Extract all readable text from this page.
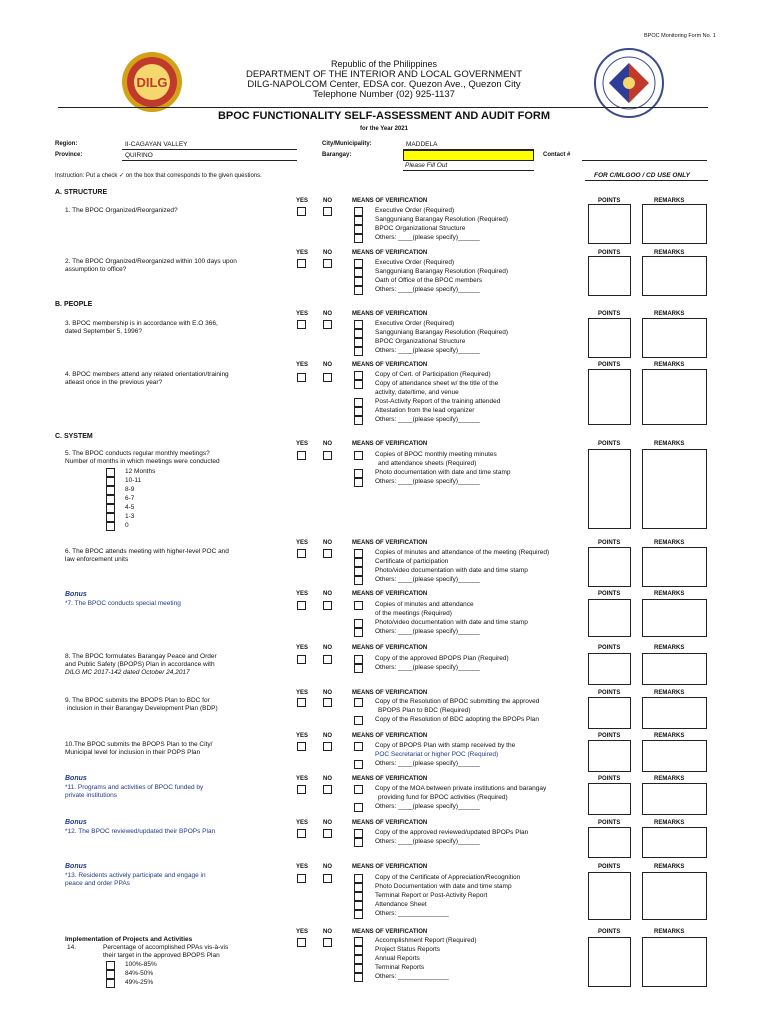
BPOC Monitoring Form No. 1
DILG
Republic of the Philippines
DEPARTMENT OF THE INTERIOR AND LOCAL GOVERNMENT
DILG-NAPOLCOM Center, EDSA cor. Quezon Ave., Quezon City
Telephone Number (02) 925-1137
BPOC FUNCTIONALITY SELF-ASSESSMENT AND AUDIT FORM
for the Year 2021
Region:	II-CAGAYAN VALLEY
Province:	QUIRINO
City/Municipality:	MADDELA
Barangay:
Please Fill Out
Contact #
Instruction: Put a check ✓ on the box that corresponds to the given questions.	FOR C/MLGOO / CD USE ONLY
A. STRUCTURE
YES NO	MEANS OF VERIFICATION	POINTS	REMARKS
1. The BPOC Organized/Reorganized?	Executive Order (Required)
Sangguniang Barangay Resolution (Required)
BPOC Organizational Structure
Others: ____(please specify)______
YES NO	MEANS OF VERIFICATION	POINTS	REMARKS
2. The BPOC Organized/Reorganized within 100 days upon
assumption to office?
Executive Order (Required)
Sangguniang Barangay Resolution (Required)
Oath of Office of the BPOC members
Others: ____(please specify)______
B. PEOPLE
YES NO	MEANS OF VERIFICATION	POINTS	REMARKS
3. BPOC membership is in accordance with E.O 366,
dated September 5, 1996?
Executive Order (Required)
Sangguniang Barangay Resolution (Required)
BPOC Organizational Structure
Others: ____(please specify)______
YES NO	MEANS OF VERIFICATION	POINTS	REMARKS
4. BPOC members attend any related orientation/training
atleast once in the previous year?
Copy of Cert. of Participation (Required)
Copy of attendance sheet w/ the title of the
activity, date/time, and venue
Post-Activity Report of the training attended
Attestation from the lead organizer
Others: ____(please specify)______
C. SYSTEM
YES NO	MEANS OF VERIFICATION	POINTS	REMARKS
5. The BPOC conducts regular monthly meetings?
Number of months in which meetings were conducted
12 Months
10-11
8-9
6-7
4-5
1-3
0
Copies of BPOC monthly meeting minutes
and attendance sheets (Required)
Photo documentation with date and time stamp
Others: ____(please specify)______
YES NO	MEANS OF VERIFICATION	POINTS	REMARKS
6. The BPOC attends meeting with higher-level POC and
law enforcement units
Copies of minutes and attendance of the meeting (Required)
Certificate of participation
Photo/video documentation with date and time stamp
Others: ____(please specify)______
Bonus	YES NO	MEANS OF VERIFICATION	POINTS	REMARKS
*7. The BPOC conducts special meeting	Copies of minutes and attendance
of the meetings (Required)
Photo/video documentation with date and time stamp
Others: ____(please specify)______
YES NO	MEANS OF VERIFICATION	POINTS	REMARKS
8. The BPOC formulates Barangay Peace and Order
and Public Safety (BPOPS) Plan in accordance with
DILG MC 2017-142 dated October 24,2017
Copy of the approved BPOPS Plan (Required)
Others: ____(please specify)______
YES NO	MEANS OF VERIFICATION	POINTS	REMARKS
9. The BPOC submits the BPOPS Plan to BDC for
inclusion in their Barangay Development Plan (BDP)
Copy of the Resolution of BPOC submitting the approved
BPOPS Plan to BDC (Required)
Copy of the Resolution of BDC adopting the BPOPs Plan
YES NO	MEANS OF VERIFICATION	POINTS	REMARKS
10.The BPOC submits the BPOPS Plan to the City/
Municipal level for inclusion in their POPS Plan
Copy of BPOPS Plan with stamp received by the
POC Secretariat or higher POC (Required)
Others: ____(please specify)______
Bonus	YES NO	MEANS OF VERIFICATION	POINTS	REMARKS
*11. Programs and activities of BPOC funded by
private institutions
Copy of the MOA between private institutions and barangay
providing fund for BPOC activities (Required)
Others: ____(please specify)______
Bonus	YES NO	MEANS OF VERIFICATION	POINTS	REMARKS
*12. The BPOC reviewed/updated their BPOPs Plan	Copy of the approved reviewed/updated BPOPs Plan
Others: ____(please specify)______
Bonus	YES NO	MEANS OF VERIFICATION	POINTS	REMARKS
*13. Residents actively participate and engage in
peace and order PPAs
Copy of the Certificate of Appreciation/Recognition
Photo Documentation with date and time stamp
Terminal Report or Post-Activity Report
Attendance Sheet
Others: ______________
YES NO	MEANS OF VERIFICATION	POINTS	REMARKS
Implementation of Projects and Activities
14.	Percentage of accomplished PPAs vis-à-vis
their target in the approved BPOPS Plan
100%-85%
84%-50%
49%-25%
Accomplishment Report (Required)
Project Status Reports
Annual Reports
Terminal Reports
Others: ______________
